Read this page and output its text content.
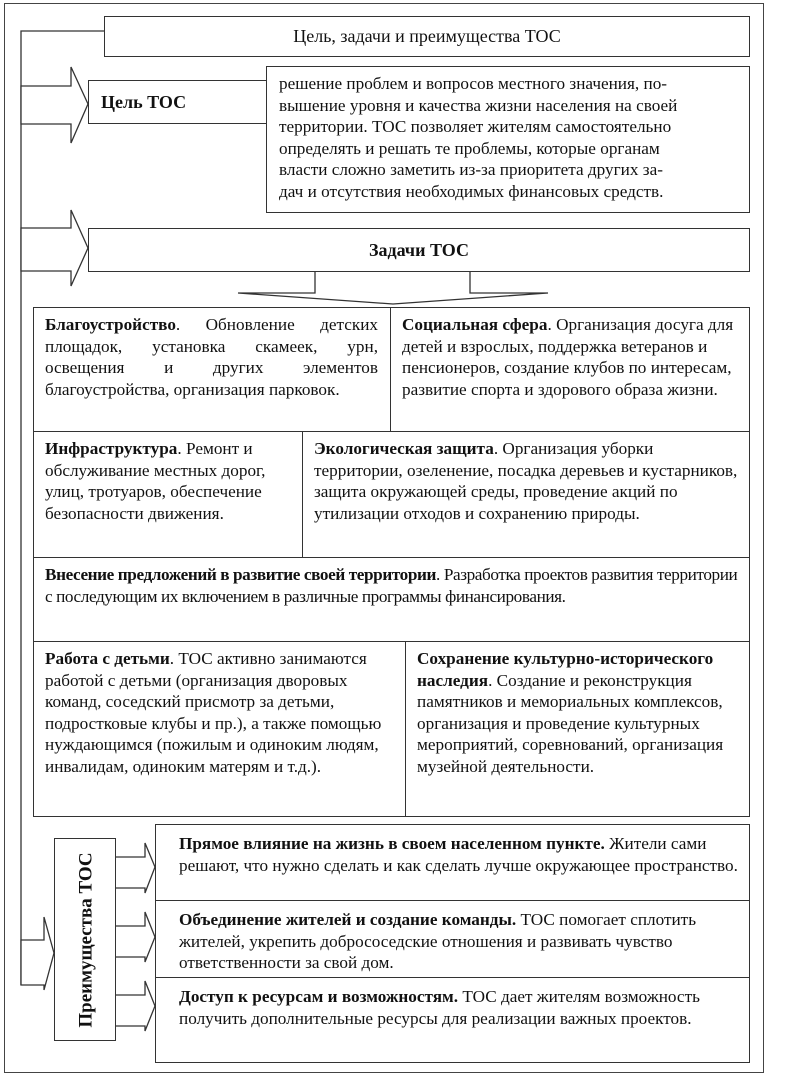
Цель, задачи и преимущества ТОС
Цель ТОС
решение проблем и вопросов местного значения, по-
вышение уровня и качества жизни населения на своей
территории. ТОС позволяет жителям самостоятельно
определять и решать те проблемы, которые органам
власти сложно заметить из-за приоритета других за-
дач и отсутствия необходимых финансовых средств.
Задачи ТОС
Благоустройство. Обновление детских площадок, установка скамеек, урн, освещения и других элементов благоустройства, организация парковок.
Социальная сфера. Организация досуга для детей и взрослых, поддержка ветеранов и пенсионеров, создание клубов по интересам, развитие спорта и здорового образа жизни.
Инфраструктура. Ремонт и обслуживание местных дорог, улиц, тротуаров, обеспечение безопасности движения.
Экологическая защита. Организация уборки территории, озеленение, посадка деревьев и кустарников, защита окружающей среды, проведение акций по утилизации отходов и сохранению природы.
Внесение предложений в развитие своей территории. Разработка проектов развития территории с последующим их включением в различные программы финансирования.
Работа с детьми. ТОС активно занимаются работой с детьми (организация дворовых команд, соседский присмотр за детьми, подростковые клубы и пр.), а также помощью нуждающимся (пожилым и одиноким людям, инвалидам, одиноким матерям и т.д.).
Сохранение культурно-исторического наследия. Создание и реконструкция памятников и мемориальных комплексов, организация и проведение культурных мероприятий, соревнований, организация музейной деятельности.
Преимущества ТОС
Прямое влияние на жизнь в своем населенном пункте. Жители сами решают, что нужно сделать и как сделать лучше окружающее пространство.
Объединение жителей и создание команды. ТОС помогает сплотить жителей, укрепить добрососедские отношения и развивать чувство ответственности за свой дом.
Доступ к ресурсам и возможностям. ТОС дает жителям возможность получить дополнительные ресурсы для реализации важных проектов.
